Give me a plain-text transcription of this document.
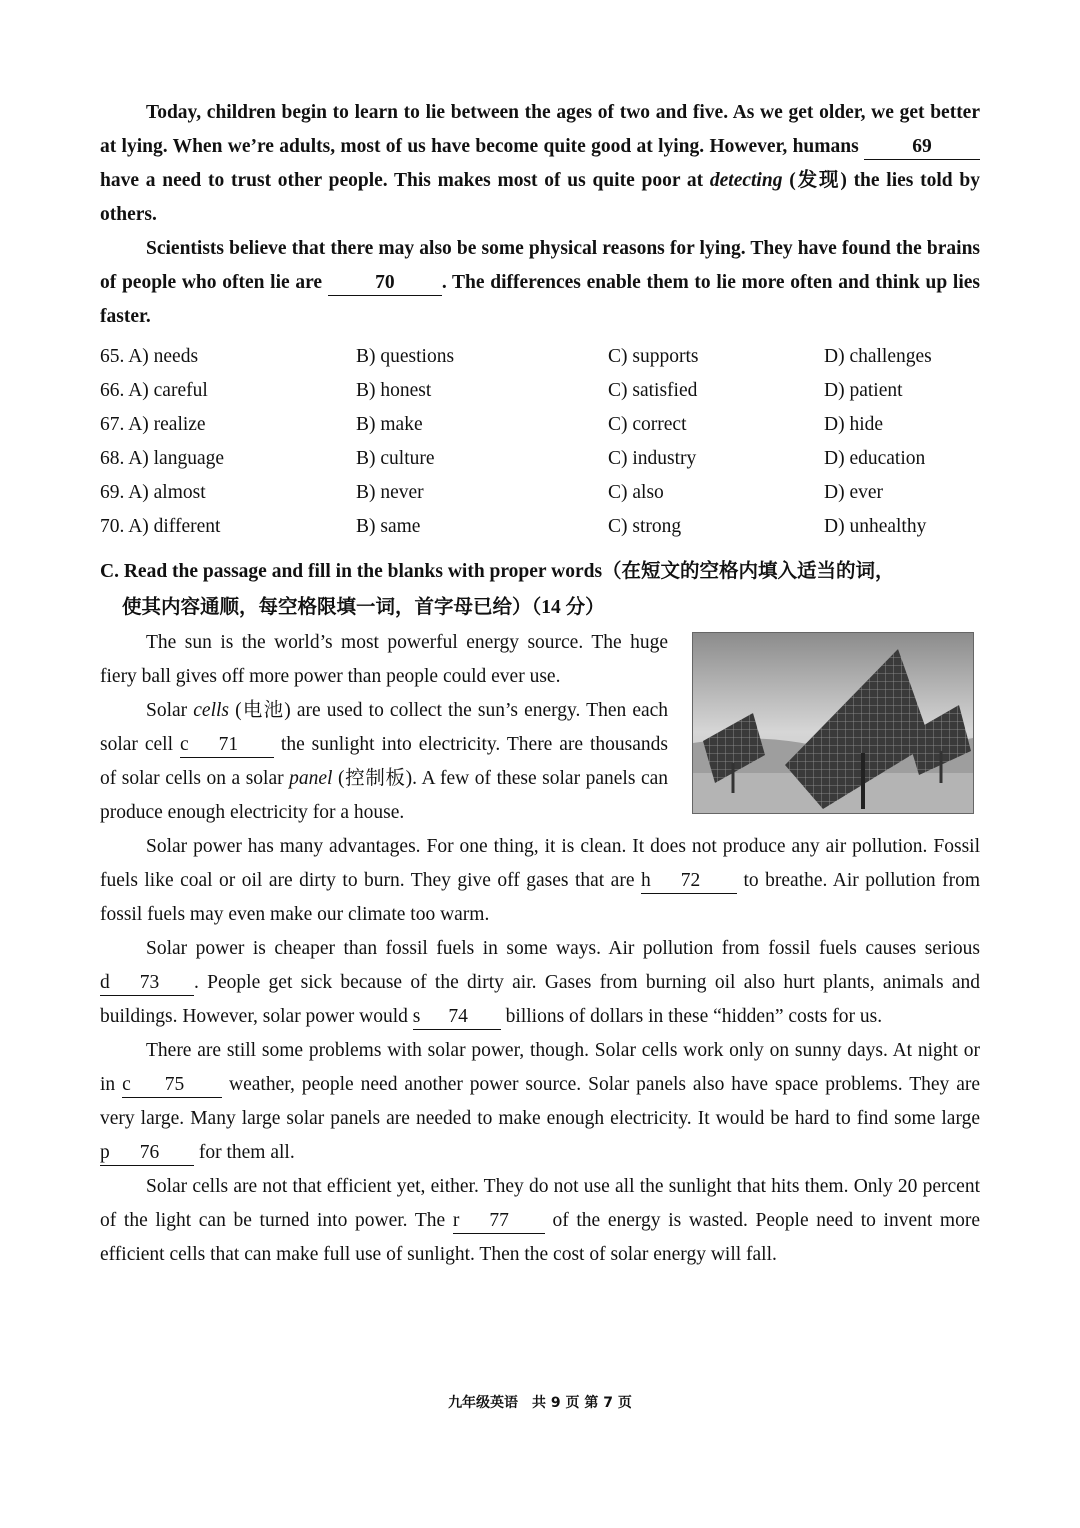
Today, children begin to learn to lie between the ages of two and five. As we get older, we get better at lying. When we’re adults, most of us have become quite good at lying. However, humans	69 have a need to trust other people. This makes most of us quite poor at detecting (发现) the lies told by others.

Scientists believe that there may also be some physical reasons for lying. They have found the brains of people who often lie are	70 . The differences enable them to lie more often and think up lies faster.

65. A) needs	B) questions	C) supports	D) challenges
66. A) careful	B) honest	C) satisfied	D) patient
67. A) realize	B) make	C) correct	D) hide
68. A) language	B) culture	C) industry	D) education
69. A) almost	B) never	C) also	D) ever
70. A) different	B) same	C) strong	D) unhealthy
C. Read the passage and fill in the blanks with proper words（在短文的空格内填入适当的词，
使其内容通顺，每空格限填一词，首字母已给）（14 分）

The sun is the world’s most powerful energy source. The huge fiery ball gives off more power than people could ever use.

Solar cells (电池) are used to collect the sun’s energy. Then each solar cell c 71 the sunlight into electricity. There are thousands of solar cells on a solar panel (控制板). A few of these solar panels can produce enough electricity for a house.

Solar power has many advantages. For one thing, it is clean. It does not produce any air pollution. Fossil fuels like coal or oil are dirty to burn. They give off gases that are h 72 to breathe. Air pollution from fossil fuels may even make our climate too warm.

Solar power is cheaper than fossil fuels in some ways. Air pollution from fossil fuels causes serious d 73 . People get sick because of the dirty air. Gases from burning oil also hurt plants, animals and buildings. However, solar power would s 74 billions of dollars in these “hidden” costs for us.

There are still some problems with solar power, though. Solar cells work only on sunny days. At night or in c 75 weather, people need another power source. Solar panels also have space problems. They are very large. Many large solar panels are needed to make enough electricity. It would be hard to find some large p 76 for them all.

Solar cells are not that efficient yet, either. They do not use all the sunlight that hits them. Only 20 percent of the light can be turned into power. The r 77 of the energy is wasted. People need to invent more efficient cells that can make full use of sunlight. Then the cost of solar energy will fall.

九年级英语　共 9 页 第 7 页
